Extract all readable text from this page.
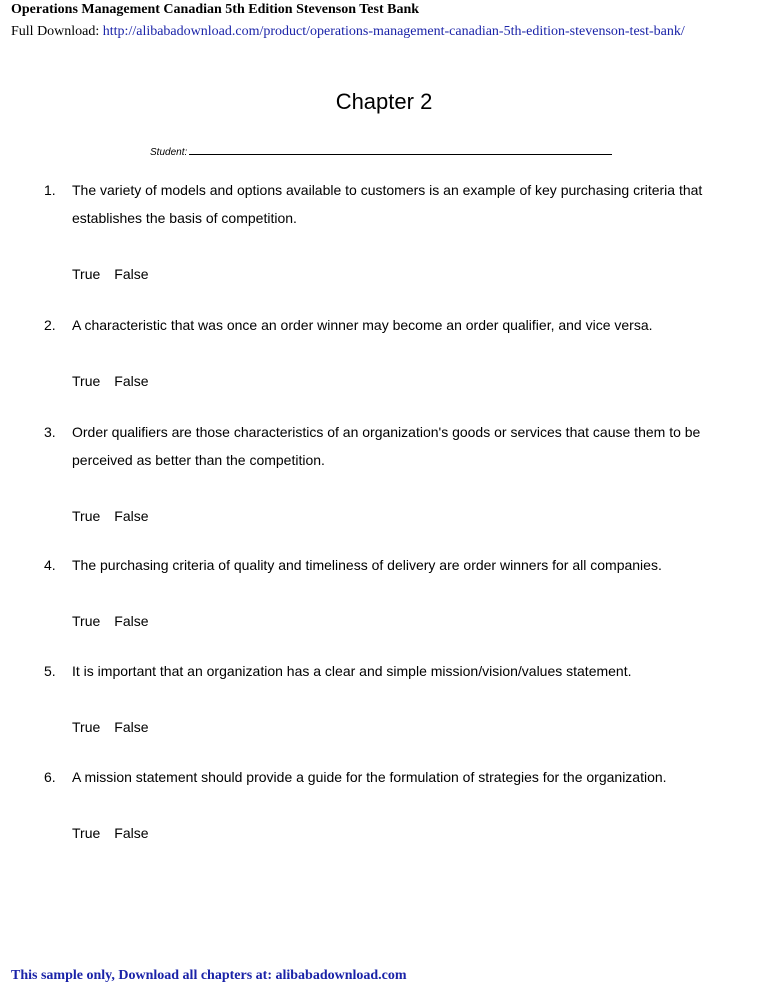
Operations Management Canadian 5th Edition Stevenson Test Bank
Full Download: http://alibabadownload.com/product/operations-management-canadian-5th-edition-stevenson-test-bank/
Chapter 2
Student:
1.	The variety of models and options available to customers is an example of key purchasing criteria that establishes the basis of competition.
True False
2.	A characteristic that was once an order winner may become an order qualifier, and vice versa.
True False
3.	Order qualifiers are those characteristics of an organization's goods or services that cause them to be perceived as better than the competition.
True False
4.	The purchasing criteria of quality and timeliness of delivery are order winners for all companies.
True False
5.	It is important that an organization has a clear and simple mission/vision/values statement.
True False
6.	A mission statement should provide a guide for the formulation of strategies for the organization.
True False
This sample only, Download all chapters at: alibabadownload.com
